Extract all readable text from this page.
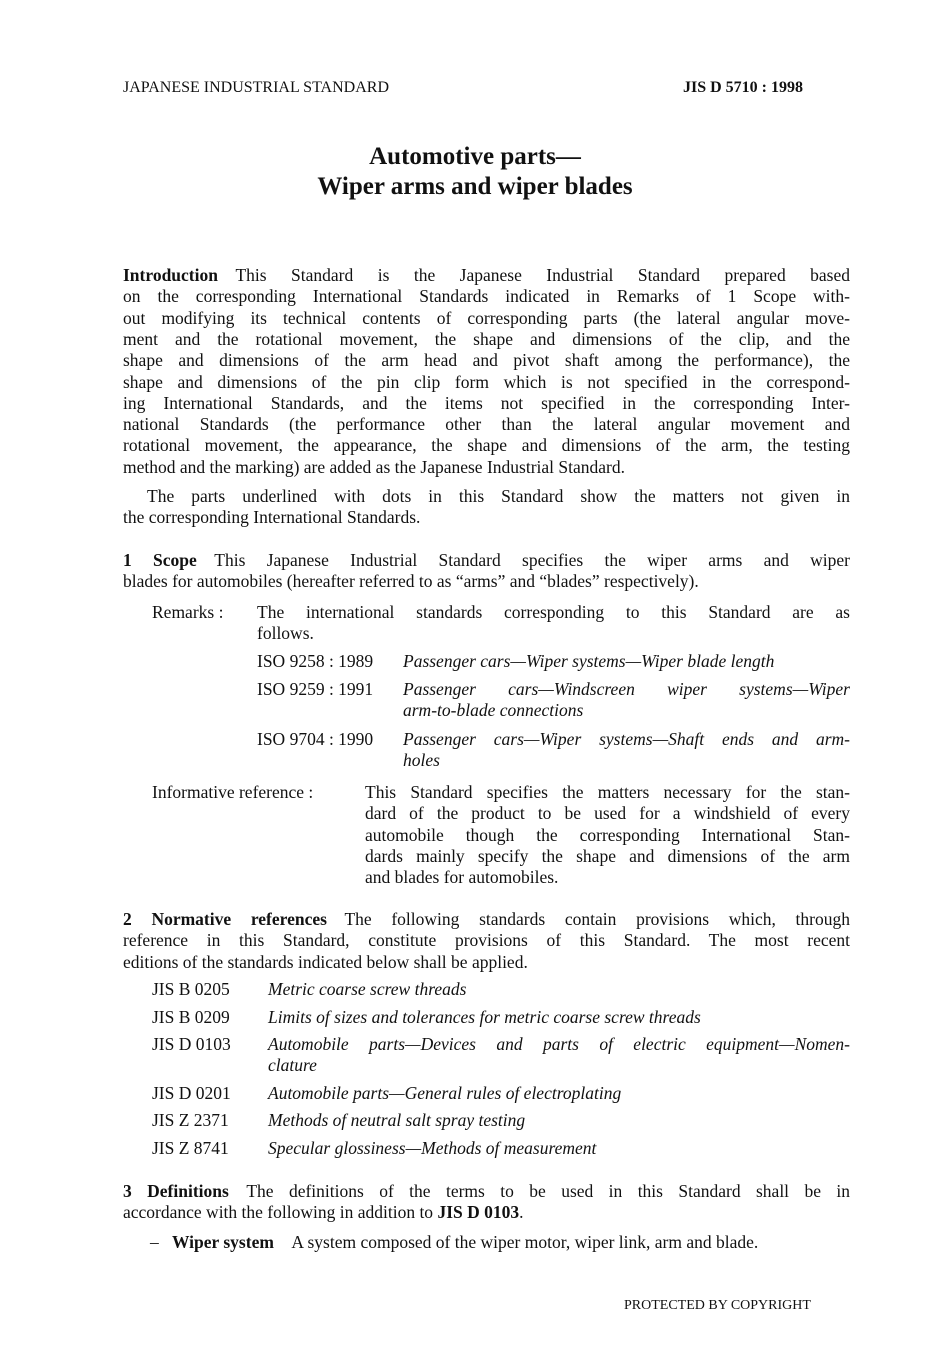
JAPANESE INDUSTRIAL STANDARD	JIS D 5710 : 1998
Automotive parts—
Wiper arms and wiper blades
Introduction  This Standard is the Japanese Industrial Standard prepared based
on the corresponding International Standards indicated in Remarks of 1 Scope with-
out modifying its technical contents of corresponding parts (the lateral angular move-
ment and the rotational movement, the shape and dimensions of the clip, and the
shape and dimensions of the arm head and pivot shaft among the performance), the
shape and dimensions of the pin clip form which is not specified in the correspond-
ing International Standards, and the items not specified in the corresponding Inter-
national Standards (the performance other than the lateral angular movement and
rotational movement, the appearance, the shape and dimensions of the arm, the testing
method and the marking) are added as the Japanese Industrial Standard.
The parts underlined with dots in this Standard show the matters not given in
the corresponding International Standards.
1 Scope  This Japanese Industrial Standard specifies the wiper arms and wiper
blades for automobiles (hereafter referred to as “arms” and “blades” respectively).
Remarks : The international standards corresponding to this Standard are as
follows.
ISO 9258 : 1989 Passenger cars—Wiper systems—Wiper blade length
ISO 9259 : 1991 Passenger cars—Windscreen wiper systems—Wiper
arm-to-blade connections
ISO 9704 : 1990 Passenger cars—Wiper systems—Shaft ends and arm-
holes
Informative reference :	This Standard specifies the matters necessary for the stan-
dard of the product to be used for a windshield of every
automobile though the corresponding International Stan-
dards mainly specify the shape and dimensions of the arm
and blades for automobiles.
2 Normative references  The following standards contain provisions which, through
reference in this Standard, constitute provisions of this Standard. The most recent
editions of the standards indicated below shall be applied.
JIS B 0205 Metric coarse screw threads
JIS B 0209 Limits of sizes and tolerances for metric coarse screw threads
JIS D 0103 Automobile parts—Devices and parts of electric equipment—Nomen-
clature
JIS D 0201 Automobile parts—General rules of electroplating
JIS Z 2371 Methods of neutral salt spray testing
JIS Z 8741 Specular glossiness—Methods of measurement
3 Definitions  The definitions of the terms to be used in this Standard shall be in
accordance with the following in addition to JIS D 0103.
– Wiper system  A system composed of the wiper motor, wiper link, arm and blade.
PROTECTED BY COPYRIGHT
